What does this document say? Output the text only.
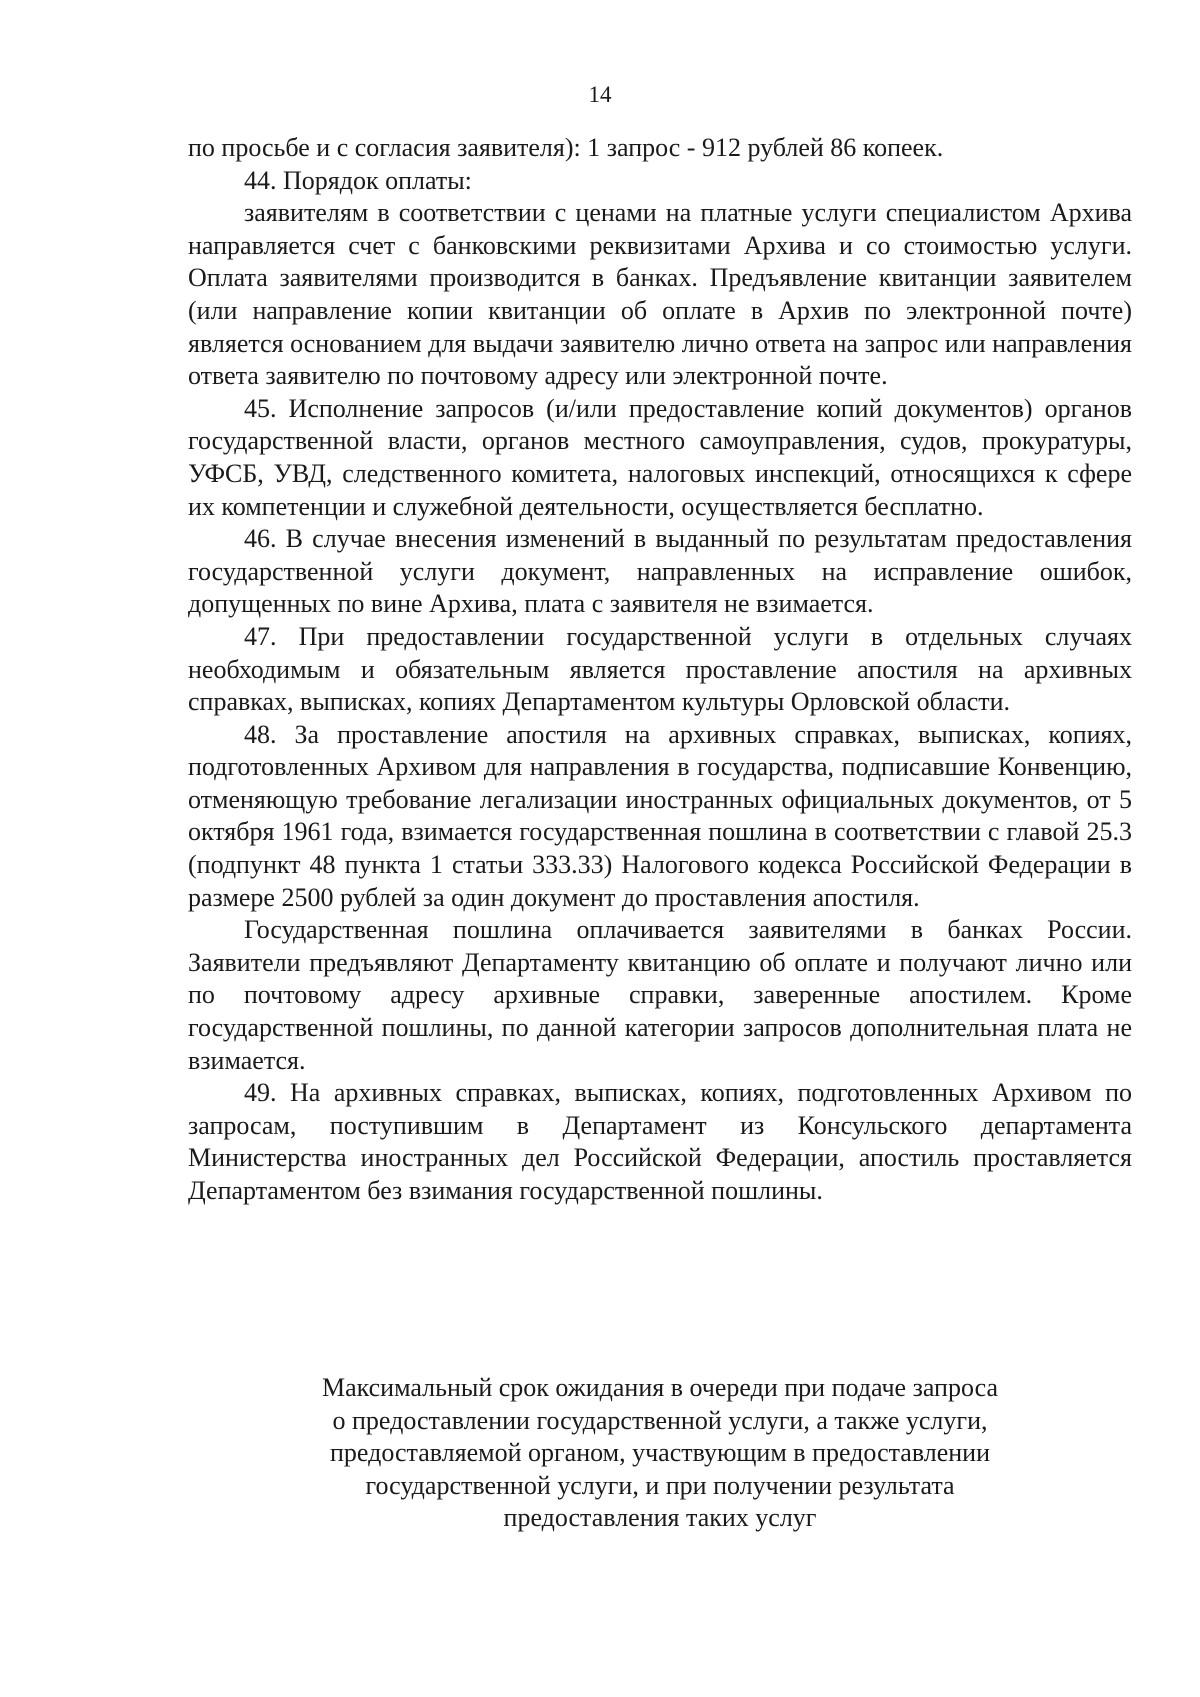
14

по просьбе и с согласия заявителя): 1 запрос - 912 рублей 86 копеек.

44. Порядок оплаты:

заявителям в соответствии с ценами на платные услуги специалистом Архива направляется счет с банковскими реквизитами Архива и со стоимостью услуги. Оплата заявителями производится в банках. Предъявление квитанции заявителем (или направление копии квитанции об оплате в Архив по электронной почте) является основанием для выдачи заявителю лично ответа на запрос или направления ответа заявителю по почтовому адресу или электронной почте.

45. Исполнение запросов (и/или предоставление копий документов) органов государственной власти, органов местного самоуправления, судов, прокуратуры, УФСБ, УВД, следственного комитета, налоговых инспекций, относящихся к сфере их компетенции и служебной деятельности, осуществляется бесплатно.

46. В случае внесения изменений в выданный по результатам предоставления государственной услуги документ, направленных на исправление ошибок, допущенных по вине Архива, плата с заявителя не взимается.

47. При предоставлении государственной услуги в отдельных случаях необходимым и обязательным является проставление апостиля на архивных справках, выписках, копиях Департаментом культуры Орловской области.

48. За проставление апостиля на архивных справках, выписках, копиях, подготовленных Архивом для направления в государства, подписавшие Конвенцию, отменяющую требование легализации иностранных официальных документов, от 5 октября 1961 года, взимается государственная пошлина в соответствии с главой 25.3 (подпункт 48 пункта 1 статьи 333.33) Налогового кодекса Российской Федерации в размере 2500 рублей за один документ до проставления апостиля.

Государственная пошлина оплачивается заявителями в банках России. Заявители предъявляют Департаменту квитанцию об оплате и получают лично или по почтовому адресу архивные справки, заверенные апостилем. Кроме государственной пошлины, по данной категории запросов дополнительная плата не взимается.

49. На архивных справках, выписках, копиях, подготовленных Архивом по запросам, поступившим в Департамент из Консульского департамента Министерства иностранных дел Российской Федерации, апостиль проставляется Департаментом без взимания государственной пошлины.

Максимальный срок ожидания в очереди при подаче запроса
о предоставлении государственной услуги, а также услуги,
предоставляемой органом, участвующим в предоставлении
государственной услуги, и при получении результата
предоставления таких услуг
